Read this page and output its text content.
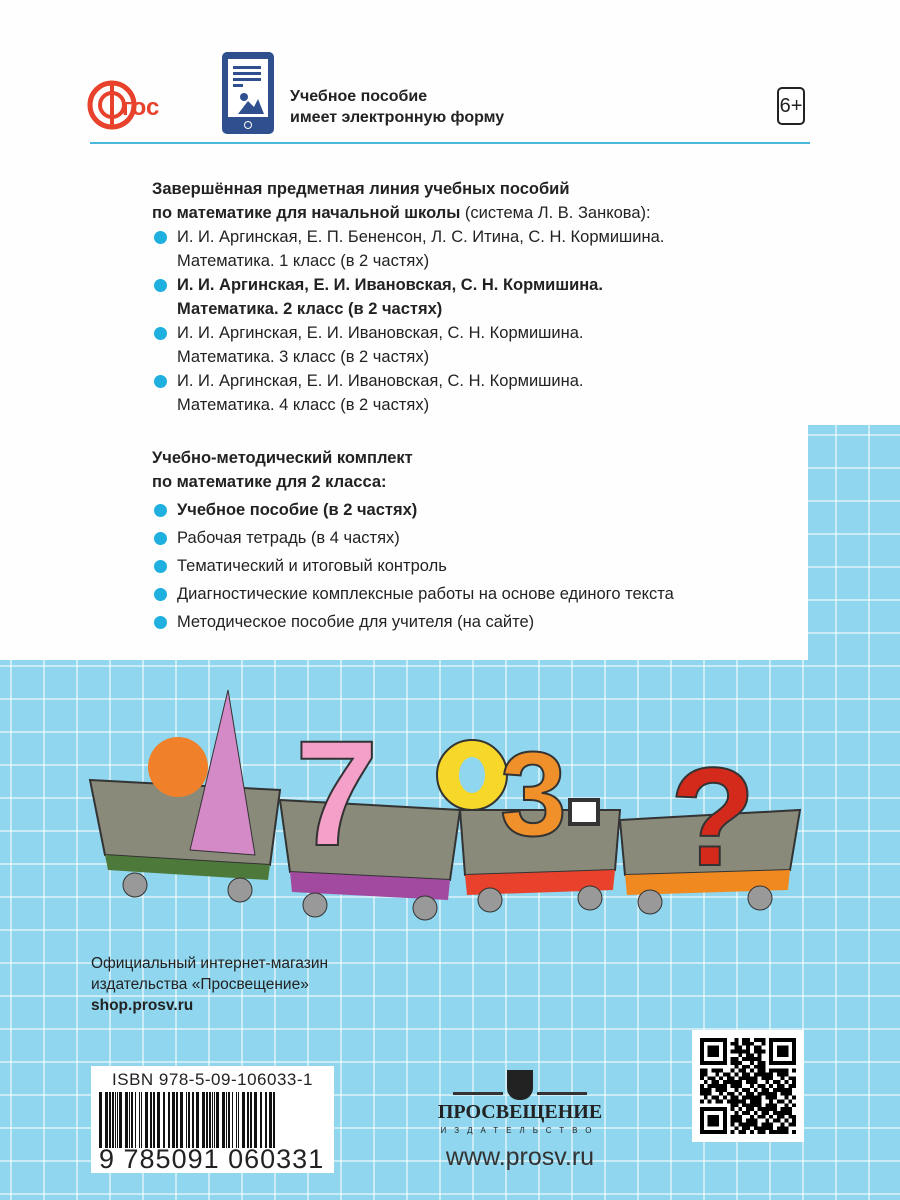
гос	Учебное пособие
имеет электронную форму
6+
Завершённая предметная линия учебных пособий
по математике для начальной школы (система Л. В. Занкова):
И. И. Аргинская, Е. П. Бененсон, Л. С. Итина, С. Н. Кормишина.
Математика. 1 класс (в 2 частях)
И. И. Аргинская, Е. И. Ивановская, С. Н. Кормишина.
Математика. 2 класс (в 2 частях)
И. И. Аргинская, Е. И. Ивановская, С. Н. Кормишина.
Математика. 3 класс (в 2 частях)
И. И. Аргинская, Е. И. Ивановская, С. Н. Кормишина.
Математика. 4 класс (в 2 частях)
Учебно-методический комплект
по математике для 2 класса:
Учебное пособие (в 2 частях)
Рабочая тетрадь (в 4 частях)
Тематический и итоговый контроль
Диагностические комплексные работы на основе единого текста
Методическое пособие для учителя (на сайте)
7 3 ?
Официальный интернет-магазин
издательства «Просвещение»
shop.prosv.ru
ISBN 978-5-09-106033-1
9 785091 060331
ПРОСВЕЩЕНИЕ
ИЗДАТЕЛЬСТВО
www.prosv.ru
